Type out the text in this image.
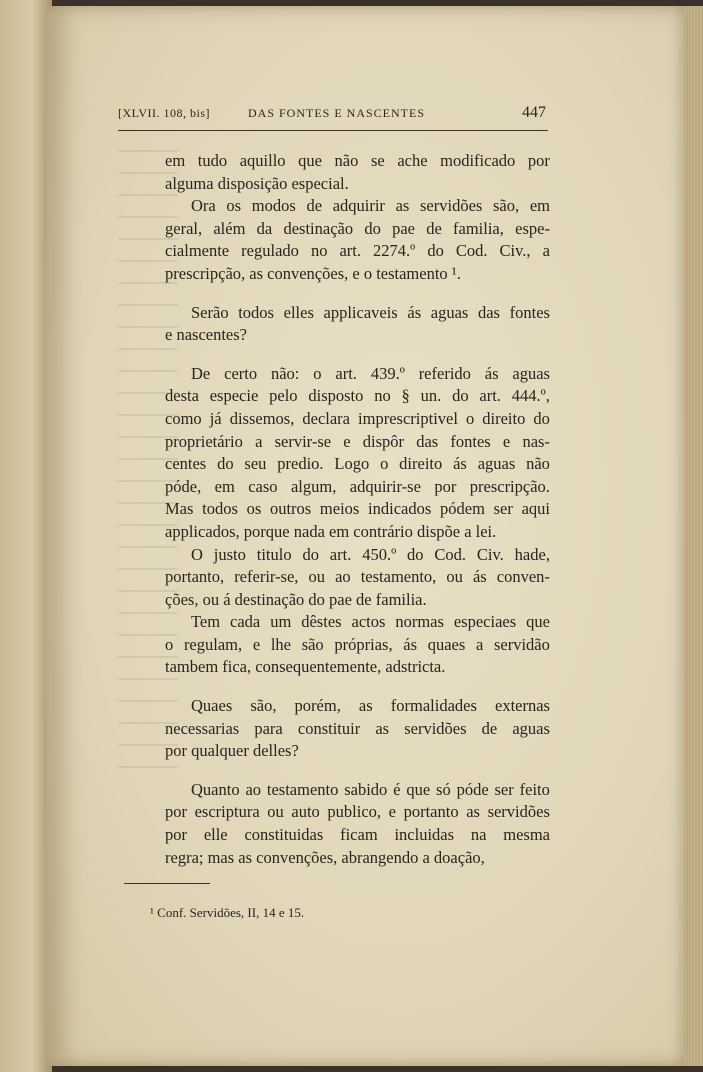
[XLVII. 108, bis]	DAS FONTES E NASCENTES	447
em tudo aquillo que não se ache modificado por
alguma disposição especial.
Ora os modos de adquirir as servidões são, em
geral, além da destinação do pae de familia, espe-
cialmente regulado no art. 2274.º do Cod. Civ., a
prescripção, as convenções, e o testamento ¹.
Serão todos elles applicaveis ás aguas das fontes
e nascentes?
De certo não: o art. 439.º referido ás aguas
desta especie pelo disposto no § un. do art. 444.º,
como já dissemos, declara imprescriptivel o direito do
proprietário a servir-se e dispôr das fontes e nas-
centes do seu predio. Logo o direito ás aguas não
póde, em caso algum, adquirir-se por prescripção.
Mas todos os outros meios indicados pódem ser aqui
applicados, porque nada em contrário dispõe a lei.
O justo titulo do art. 450.º do Cod. Civ. hade,
portanto, referir-se, ou ao testamento, ou ás conven-
ções, ou á destinação do pae de familia.
Tem cada um dêstes actos normas especiaes que
o regulam, e lhe são próprias, ás quaes a servidão
tambem fica, consequentemente, adstricta.
Quaes são, porém, as formalidades externas
necessarias para constituir as servidões de aguas
por qualquer delles?
Quanto ao testamento sabido é que só póde ser feito
por escriptura ou auto publico, e portanto as servidões
por elle constituidas ficam incluidas na mesma
regra; mas as convenções, abrangendo a doação,
¹ Conf. Servidões, II, 14 e 15.
